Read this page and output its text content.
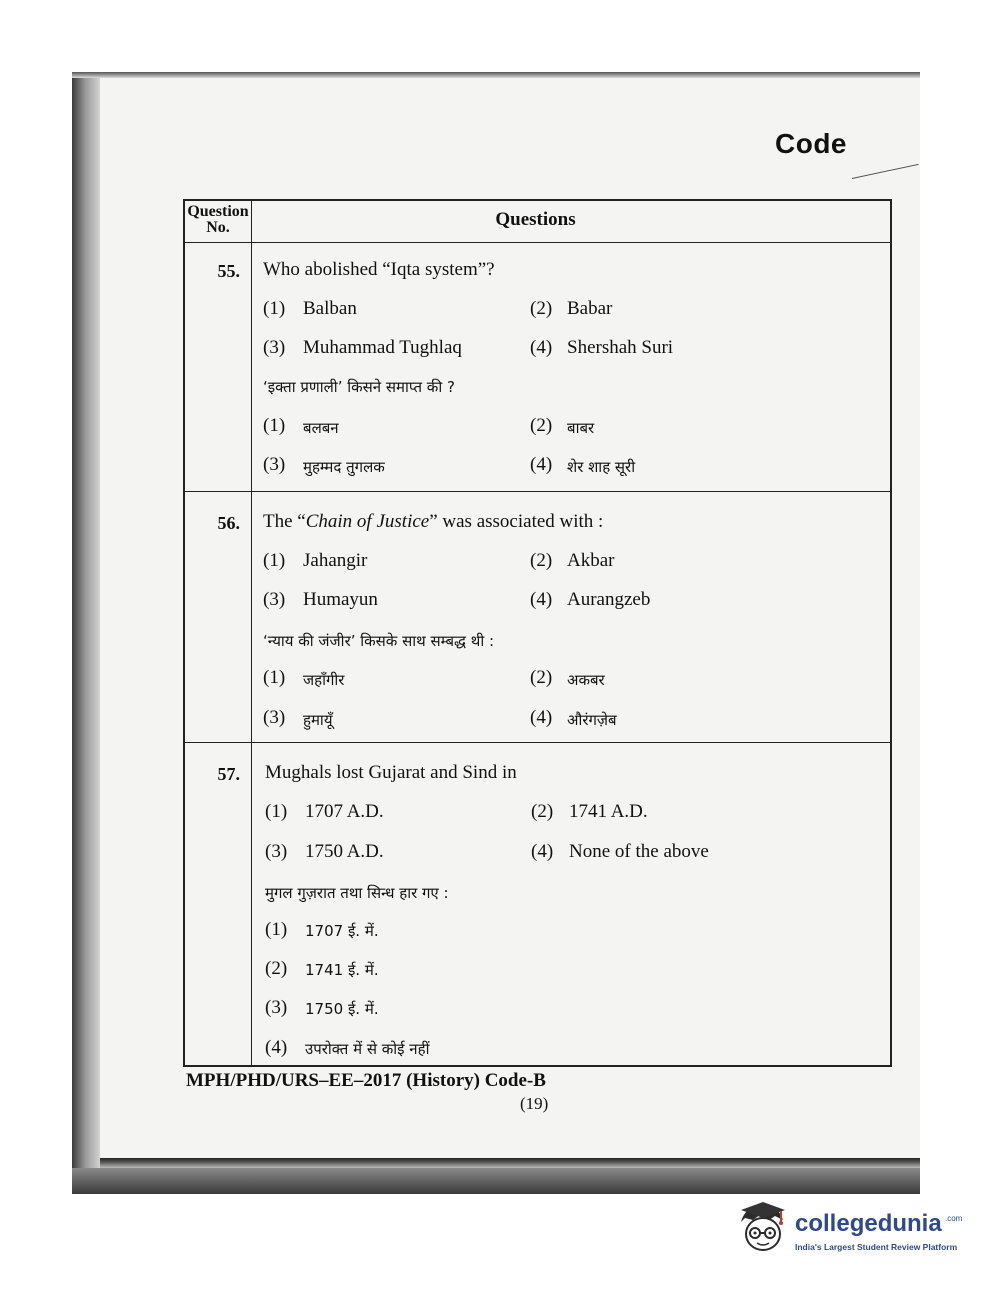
Code
Question No.	Questions
55. Who abolished “Iqta system”?
(1) Balban	(2) Babar
(3) Muhammad Tughlaq	(4) Shershah Suri
‘इक्ता प्रणाली’ किसने समाप्त की ?
(1) बलबन	(2) बाबर
(3) मुहम्मद तुगलक	(4) शेर शाह सूरी
56. The “Chain of Justice” was associated with :
(1) Jahangir	(2) Akbar
(3) Humayun	(4) Aurangzeb
‘न्याय की जंजीर’ किसके साथ सम्बद्ध थी :
(1) जहाँगीर	(2) अकबर
(3) हुमायूँ	(4) औरंगज़ेब
57. Mughals lost Gujarat and Sind in
(1) 1707 A.D.	(2) 1741 A.D.
(3) 1750 A.D.	(4) None of the above
मुगल गुज़रात तथा सिन्ध हार गए :
(1) 1707 ई. में.
(2) 1741 ई. में.
(3) 1750 ई. में.
(4) उपरोक्त में से कोई नहीं
MPH/PHD/URS–EE–2017 (History) Code-B
(19)
collegedunia .com
India's Largest Student Review Platform
